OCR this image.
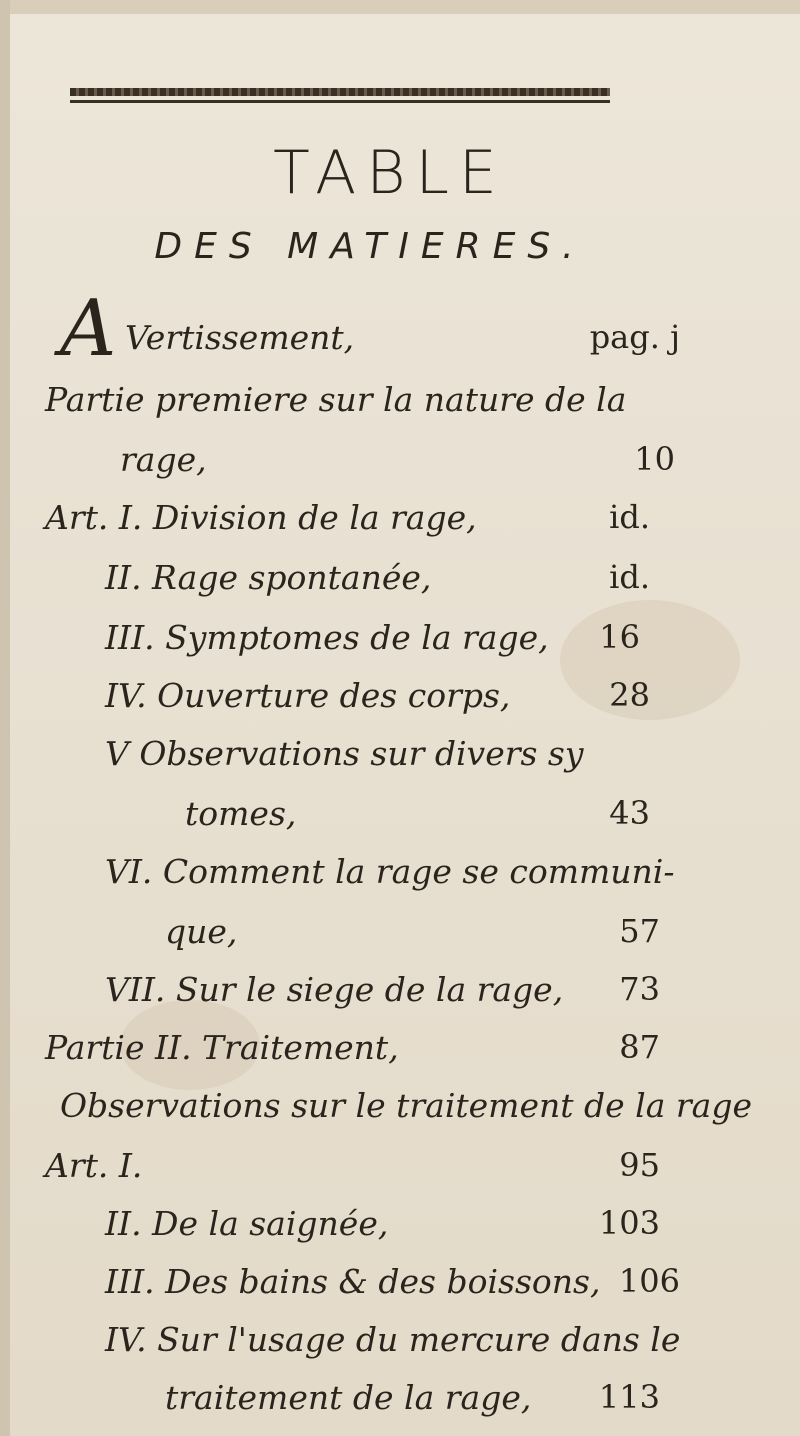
TABLE
DES MATIERES.
A Vertissement,	pag. j
Partie premiere sur la nature de la
rage,	10
Art. I. Division de la rage,	id.
II. Rage spontanée,	id.
III. Symptomes de la rage,	16
IV. Ouverture des corps,	28
V Observations sur divers sy
tomes,	43
VI. Comment la rage se communi-
que,	57
VII. Sur le siege de la rage,	73
Partie II. Traitement,	87
Observations sur le traitement de la rage
Art. I.	95
II. De la saignée,	103
III. Des bains & des boissons, 106
IV. Sur l'usage du mercure dans le
traitement de la rage,	113
